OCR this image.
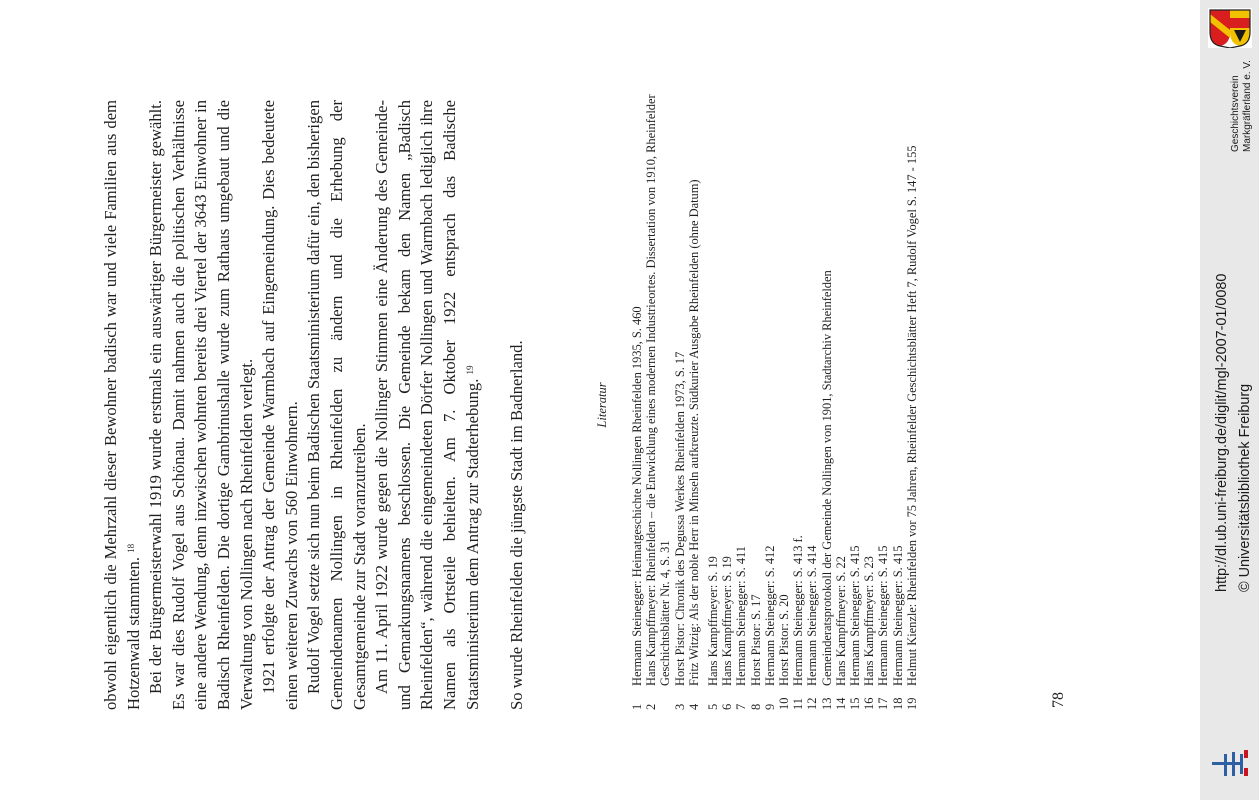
obwohl eigentlich die Mehrzahl dieser Bewohner badisch war und viele Familien aus dem Hotzenwald stammten. $^{18}$ Bei der Bürgermeisterwahl 1919 wurde erstmals ein auswärtiger Bürgermeister gewählt. Es war dies Rudolf Vogel aus Schönau. Damit nahmen auch die politischen Verhältnisse eine andere Wendung, denn inzwischen wohnten bereits drei Viertel der 3643 Einwohner in Badisch Rheinfelden. Die dortige Gambrinushalle wurde zum Rathaus umgebaut und die Verwaltung von Nollingen nach Rheinfelden verlegt. 1921 erfolgte der Antrag der Gemeinde Warmbach auf Eingemeindung. Dies bedeutete einen weiteren Zuwachs von 560 Einwohnern. Rudolf Vogel setzte sich nun beim Badischen Staatsministerium dafür ein, den bisherigen Gemeindenamen Nollingen in Rheinfelden zu ändern und die Erhebung der Gesamtgemeinde zur Stadt voranzutreiben. Am 11. April 1922 wurde gegen die Nollinger Stimmen eine Änderung des Gemeinde- und Gemarkungsnamens beschlossen. Die Gemeinde bekam den Namen „Badisch Rheinfelden“, während die eingemeindeten Dörfer Nollingen und Warmbach lediglich ihre Namen als Ortsteile behielten. Am 7. Oktober 1922 entsprach das Badische Staatsministerium dem Antrag zur Stadterhebung. $^{19}$	So wurde Rheinfelden die jüngste Stadt im Badnerland.	Literatur
1
Hermann Steinegger: Heimatgeschichte Nollingen Rheinfelden 1935, S. 460
2
Hans Kampffmeyer: Rheinfelden – die Entwicklung eines modernen Industrieortes. Dissertation von 1910, Rheinfelder Geschichtsblätter Nr. 4, S. 31
3
Horst Pistor: Chronik des Degussa Werkes Rheinfelden 1973, S. 17
4
Fritz Witzig: Als der noble Herr in Minseln aufkreuzte. Südkurier Ausgabe Rheinfelden (ohne Datum)
5
Hans Kampffmeyer: S. 19
6
Hans Kampffmeyer: S. 19
7
Hermann Steinegger: S. 411
8
Horst Pistor: S. 17
9
Hermann Steinegger: S. 412
10
Horst Pistor: S. 20
11
Hermann Steinegger: S. 413 f.
12
Hermann Steinegger: S. 414
13
Gemeinderatsprotokoll der Gemeinde Nollingen von 1901, Stadtarchiv Rheinfelden
14
Hans Kampffmeyer: S. 22
15
Hermann Steinegger: S. 415
16
Hans Kampffmeyer: S. 23
17
Hermann Steinegger: S. 415
18
Hermann Steinegger: S. 415
19
Helmut Kienzle: Rheinfelden vor 75 Jahren, Rheinfelder Geschichtsblätter Heft 7, Rudolf Vogel S. 147 - 155
78
http://dl.ub.uni-freiburg.de/diglit/mgl-2007-01/0080 © Universitätsbibliothek Freiburg
Geschichtsverein Markgräflerland e. V.
